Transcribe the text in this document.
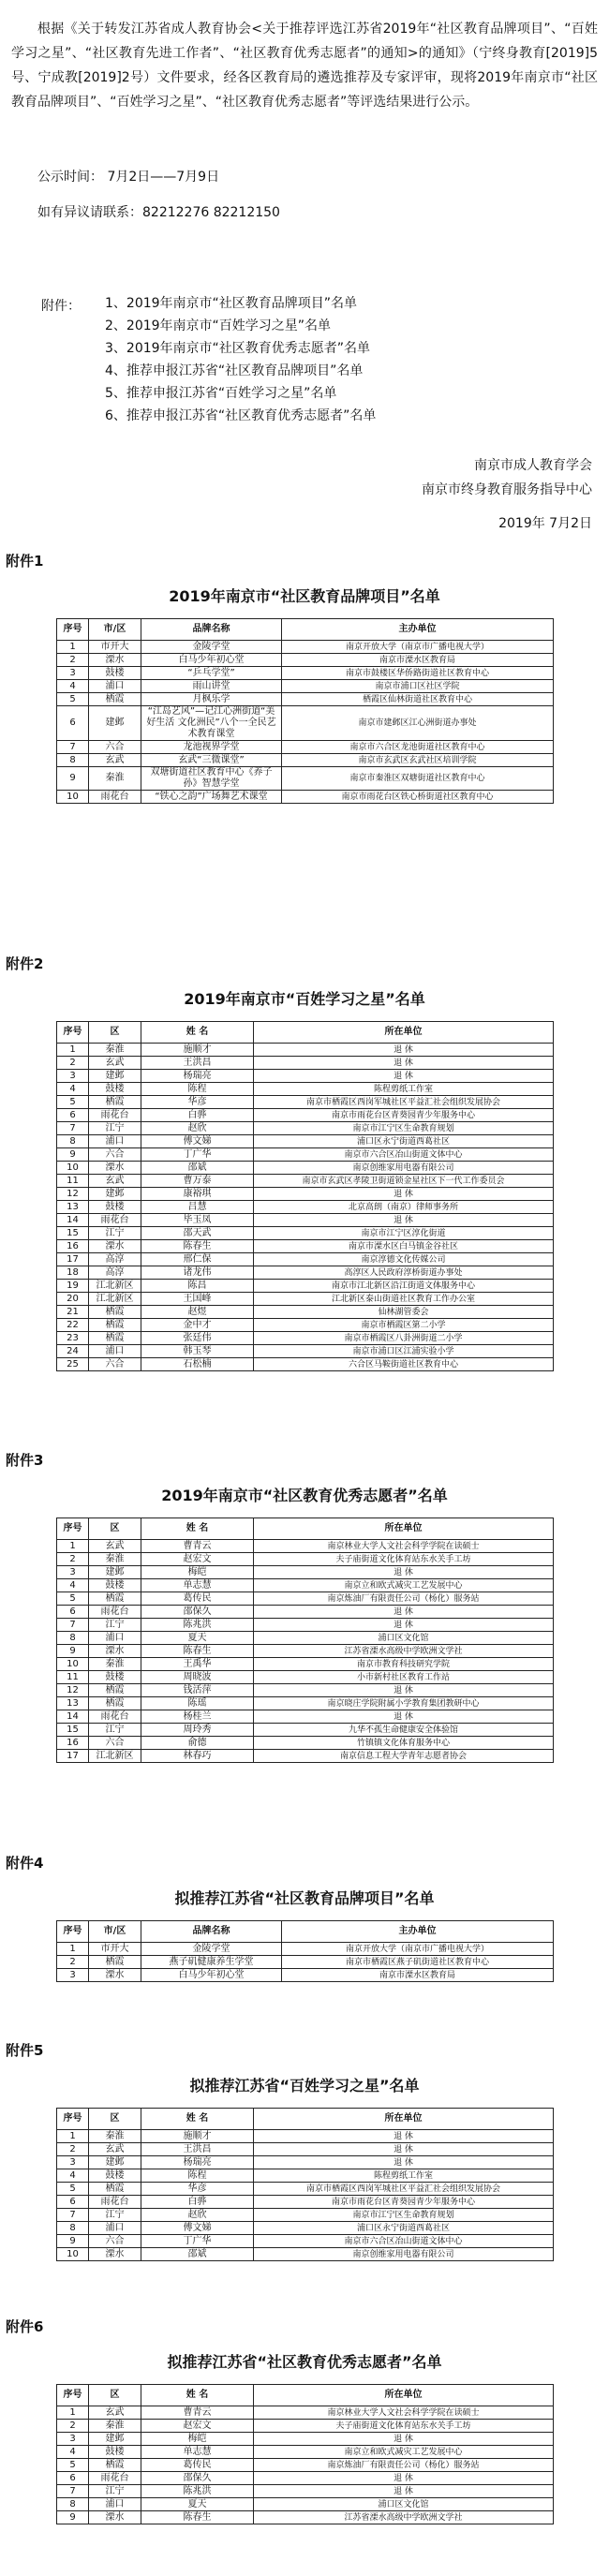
根据《关于转发江苏省成人教育协会<关于推荐评选江苏省2019年“社区教育品牌项目”、“百姓学习之星”、“社区教育先进工作者”、“社区教育优秀志愿者”的通知>的通知》（宁终身教育[2019]5号、宁成教[2019]2号）文件要求，经各区教育局的遴选推荐及专家评审，现将2019年南京市“社区教育品牌项目”、“百姓学习之星”、“社区教育优秀志愿者”等评选结果进行公示。
公示时间： 7月2日——7月9日
如有异议请联系：82212276 82212150
附件： 1、2019年南京市“社区教育品牌项目”名单
2、2019年南京市“百姓学习之星”名单
3、2019年南京市“社区教育优秀志愿者”名单
4、推荐申报江苏省“社区教育品牌项目”名单
5、推荐申报江苏省“百姓学习之星”名单
6、推荐申报江苏省“社区教育优秀志愿者”名单
南京市成人教育学会
南京市终身教育服务指导中心
2019年 7月2日
附件1
2019年南京市“社区教育品牌项目”名单
序号	市/区	品牌名称	主办单位
1	市开大	金陵学堂	南京开放大学（南京市广播电视大学）
2	溧水	白马少年初心堂	南京市溧水区教育局
3	鼓楼	“乒乓学堂”	南京市鼓楼区华侨路街道社区教育中心
4	浦口	雨山讲堂	南京市浦口区社区学院
5	栖霞	月枫乐学	栖霞区仙林街道社区教育中心
6	建邺	“江岛艺风”—记江心洲街道“美好生活 文化洲民”八个一全民艺术教育课堂	南京市建邺区江心洲街道办事处
7	六合	龙池视界学堂	南京市六合区龙池街道社区教育中心
8	玄武	玄武“三微课堂”	南京市玄武区玄武社区培训学院
9	秦淮	双塘街道社区教育中心《养子孙》智慧学堂	南京市秦淮区双塘街道社区教育中心
10	雨花台	“铁心之韵”广场舞艺术课堂	南京市雨花台区铁心桥街道社区教育中心
附件2
2019年南京市“百姓学习之星”名单
序号	区	姓 名	所在单位
1	秦淮	施顺才	退 休
2	玄武	王洪昌	退 休
3	建邺	杨瑞亮	退 休
4	鼓楼	陈程	陈程剪纸工作室
5	栖霞	华彦	南京市栖霞区西岗军城社区平益汇社会组织发展协会
6	雨花台	白骅	南京市雨花台区青葵园青少年服务中心
7	江宁	赵欣	南京市江宁区生命教育规划
8	浦口	傅文娣	浦口区永宁街道西葛社区
9	六合	丁广华	南京市六合区冶山街道文体中心
10	溧水	邵斌	南京创维家用电器有限公司
11	玄武	曹万泰	南京市玄武区孝陵卫街道锁金星社区下一代工作委员会
12	建邺	康裕琪	退 休
13	鼓楼	吕慧	北京高朗（南京）律师事务所
14	雨花台	毕玉凤	退 休
15	江宁	邵天武	南京市江宁区淳化街道
16	溧水	陈春生	南京市溧水区白马镇金谷社区
17	高淳	邢仁保	南京淳德文化传媒公司
18	高淳	诸龙伟	高淳区人民政府淳桥街道办事处
19	江北新区	陈昌	南京市江北新区沿江街道文体服务中心
20	江北新区	王国峰	江北新区泰山街道社区教育工作办公室
21	栖霞	赵煜	仙林湖管委会
22	栖霞	金中才	南京市栖霞区第二小学
23	栖霞	张廷伟	南京市栖霞区八卦洲街道二小学
24	浦口	韩玉琴	南京市浦口区江浦实验小学
25	六合	石松楠	六合区马鞍街道社区教育中心
附件3
2019年南京市“社区教育优秀志愿者”名单
序号	区	姓 名	所在单位
1	玄武	曹青云	南京林业大学人文社会科学学院在读硕士
2	秦淮	赵宏文	夫子庙街道文化体育站东水关手工坊
3	建邺	梅皑	退 休
4	鼓楼	单志慧	南京立和欧式减灾工艺发展中心
5	栖霞	葛传民	南京炼油厂有限责任公司（杨化）服务站
6	雨花台	邵保久	退 休
7	江宁	陈兆洪	退 休
8	浦口	夏天	浦口区文化馆
9	溧水	陈春生	江苏省溧水高级中学欧洲文学社
10	秦淮	王禹华	南京市教育科技研究学院
11	鼓楼	周晓波	小市新村社区教育工作站
12	栖霞	钱活萍	退 休
13	栖霞	陈瑶	南京晓庄学院附属小学教育集团教研中心
14	雨花台	杨桂兰	退 休
15	江宁	周玲秀	九华不孤生命健康安全体验馆
16	六合	俞德	竹镇镇文化体育服务中心
17	江北新区	林春巧	南京信息工程大学青年志愿者协会
附件4
拟推荐江苏省“社区教育品牌项目”名单
序号	市/区	品牌名称	主办单位
1	市开大	金陵学堂	南京开放大学（南京市广播电视大学）
2	栖霞	燕子矶健康养生学堂	南京市栖霞区燕子矶街道社区教育中心
3	溧水	白马少年初心堂	南京市溧水区教育局
附件5
拟推荐江苏省“百姓学习之星”名单
序号	区	姓 名	所在单位
1	秦淮	施顺才	退 休
2	玄武	王洪昌	退 休
3	建邺	杨瑞亮	退 休
4	鼓楼	陈程	陈程剪纸工作室
5	栖霞	华彦	南京市栖霞区西岗军城社区平益汇社会组织发展协会
6	雨花台	白骅	南京市雨花台区青葵园青少年服务中心
7	江宁	赵欣	南京市江宁区生命教育规划
8	浦口	傅文娣	浦口区永宁街道西葛社区
9	六合	丁广华	南京市六合区冶山街道文体中心
10	溧水	邵斌	南京创维家用电器有限公司
附件6
拟推荐江苏省“社区教育优秀志愿者”名单
序号	区	姓 名	所在单位
1	玄武	曹青云	南京林业大学人文社会科学学院在读硕士
2	秦淮	赵宏文	夫子庙街道文化体育站东水关手工坊
3	建邺	梅皑	退 休
4	鼓楼	单志慧	南京立和欧式减灾工艺发展中心
5	栖霞	葛传民	南京炼油厂有限责任公司（杨化）服务站
6	雨花台	邵保久	退 休
7	江宁	陈兆洪	退 休
8	浦口	夏天	浦口区文化馆
9	溧水	陈春生	江苏省溧水高级中学欧洲文学社
